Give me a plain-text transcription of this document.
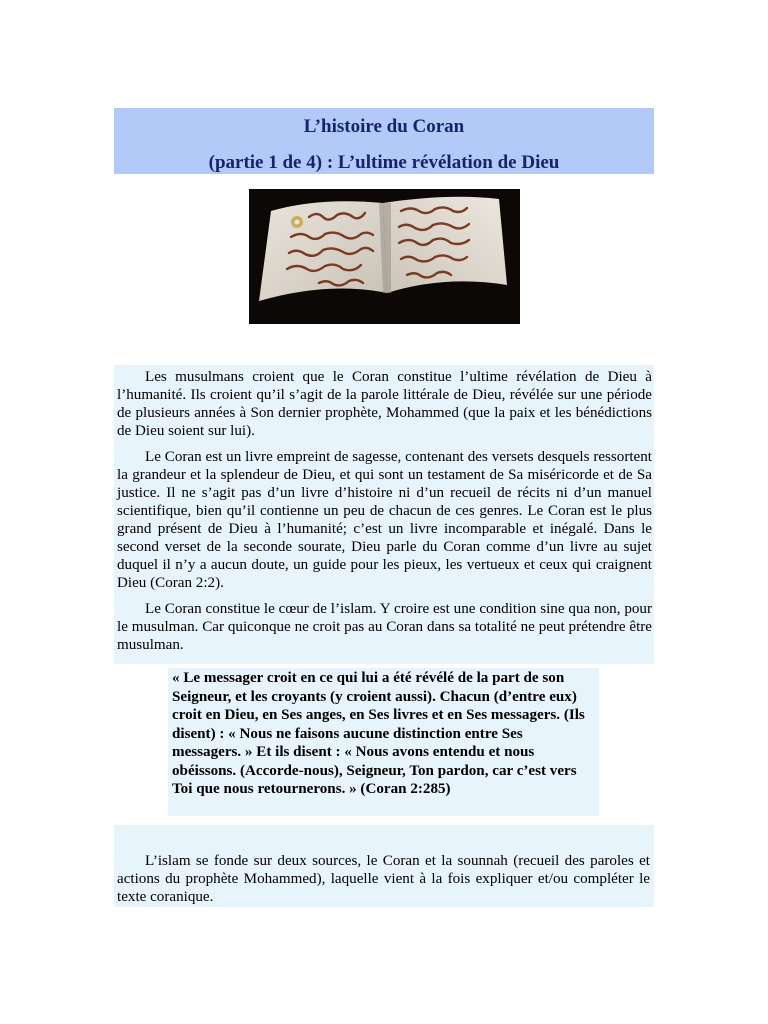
L’histoire du Coran
(partie 1 de 4) : L’ultime révélation de Dieu

Les musulmans croient que le Coran constitue l’ultime révélation de Dieu à l’humanité. Ils croient qu’il s’agit de la parole littérale de Dieu, révélée sur une période de plusieurs années à Son dernier prophète, Mohammed (que la paix et les bénédictions de Dieu soient sur lui).

Le Coran est un livre empreint de sagesse, contenant des versets desquels ressortent la grandeur et la splendeur de Dieu, et qui sont un testament de Sa miséricorde et de Sa justice. Il ne s’agit pas d’un livre d’histoire ni d’un recueil de récits ni d’un manuel scientifique, bien qu’il contienne un peu de chacun de ces genres. Le Coran est le plus grand présent de Dieu à l’humanité; c’est un livre incomparable et inégalé. Dans le second verset de la seconde sourate, Dieu parle du Coran comme d’un livre au sujet duquel il n’y a aucun doute, un guide pour les pieux, les vertueux et ceux qui craignent Dieu (Coran 2:2).

Le Coran constitue le cœur de l’islam. Y croire est une condition sine qua non, pour le musulman. Car quiconque ne croit pas au Coran dans sa totalité ne peut prétendre être musulman.

« Le messager croit en ce qui lui a été révélé de la part de son Seigneur, et les croyants (y croient aussi). Chacun (d’entre eux) croit en Dieu, en Ses anges, en Ses livres et en Ses messagers. (Ils disent) : « Nous ne faisons aucune distinction entre Ses messagers. » Et ils disent : « Nous avons entendu et nous obéissons. (Accorde-nous), Seigneur, Ton pardon, car c’est vers Toi que nous retournerons. » (Coran 2:285)

L’islam se fonde sur deux sources, le Coran et la sounnah (recueil des paroles et actions du prophète Mohammed), laquelle vient à la fois expliquer et/ou compléter le texte coranique.
